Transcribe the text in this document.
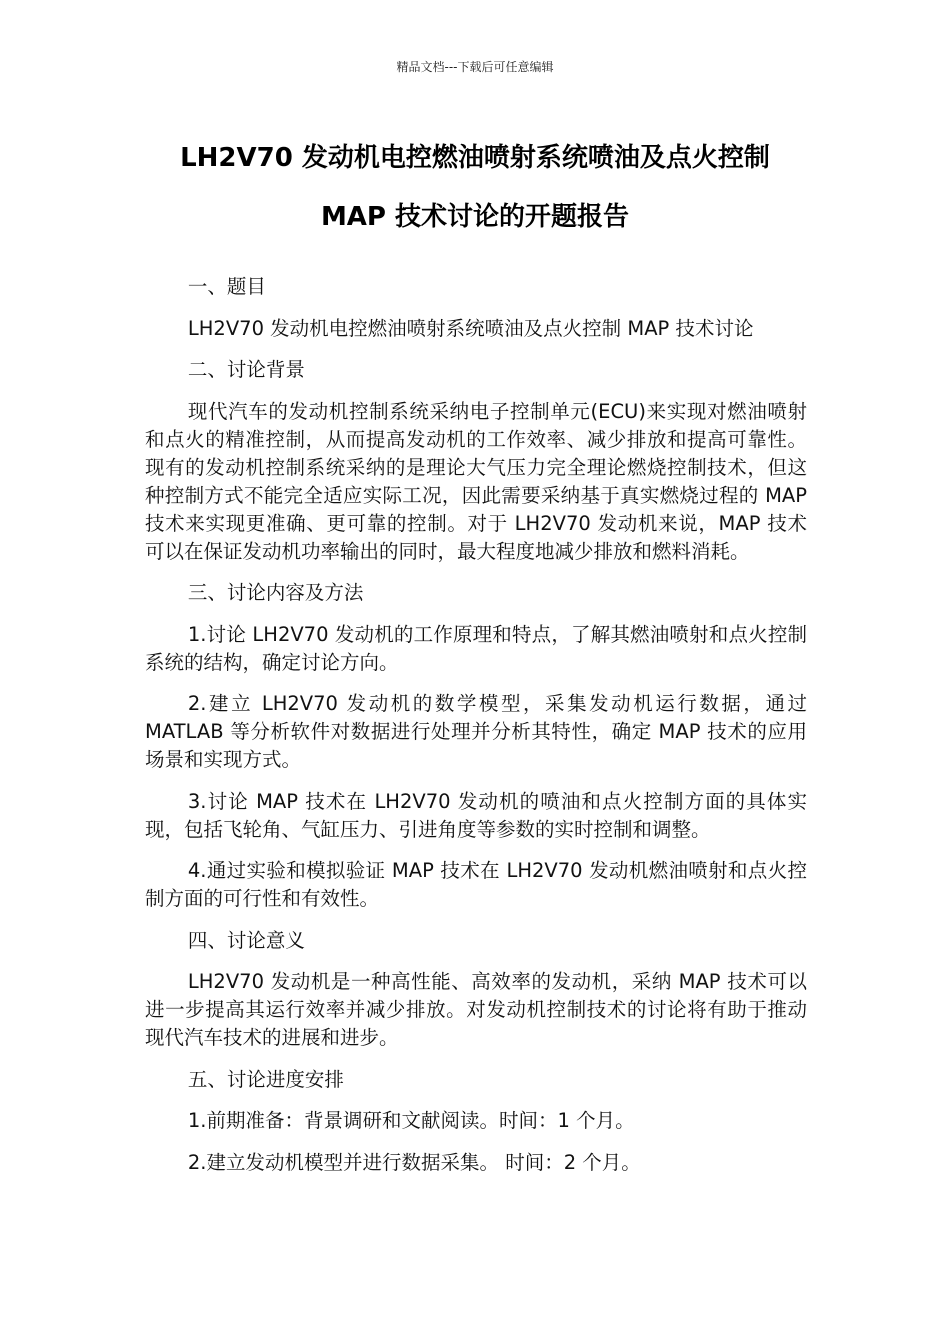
精品文档---下载后可任意编辑
LH2V70 发动机电控燃油喷射系统喷油及点火控制
MAP 技术讨论的开题报告

一、题目

LH2V70 发动机电控燃油喷射系统喷油及点火控制 MAP 技术讨论

二、讨论背景

现代汽车的发动机控制系统采纳电子控制单元(ECU)来实现对燃油喷射和点火的精准控制，从而提高发动机的工作效率、减少排放和提高可靠性。现有的发动机控制系统采纳的是理论大气压力完全理论燃烧控制技术，但这种控制方式不能完全适应实际工况，因此需要采纳基于真实燃烧过程的 MAP 技术来实现更准确、更可靠的控制。对于 LH2V70 发动机来说，MAP 技术可以在保证发动机功率输出的同时，最大程度地减少排放和燃料消耗。

三、讨论内容及方法

1.讨论 LH2V70 发动机的工作原理和特点，了解其燃油喷射和点火控制系统的结构，确定讨论方向。

2.建立 LH2V70 发动机的数学模型，采集发动机运行数据，通过 MATLAB 等分析软件对数据进行处理并分析其特性，确定 MAP 技术的应用场景和实现方式。

3.讨论 MAP 技术在 LH2V70 发动机的喷油和点火控制方面的具体实现，包括飞轮角、气缸压力、引进角度等参数的实时控制和调整。

4.通过实验和模拟验证 MAP 技术在 LH2V70 发动机燃油喷射和点火控制方面的可行性和有效性。

四、讨论意义

LH2V70 发动机是一种高性能、高效率的发动机，采纳 MAP 技术可以进一步提高其运行效率并减少排放。对发动机控制技术的讨论将有助于推动现代汽车技术的进展和进步。

五、讨论进度安排

1.前期准备：背景调研和文献阅读。时间：1 个月。

2.建立发动机模型并进行数据采集。 时间：2 个月。
